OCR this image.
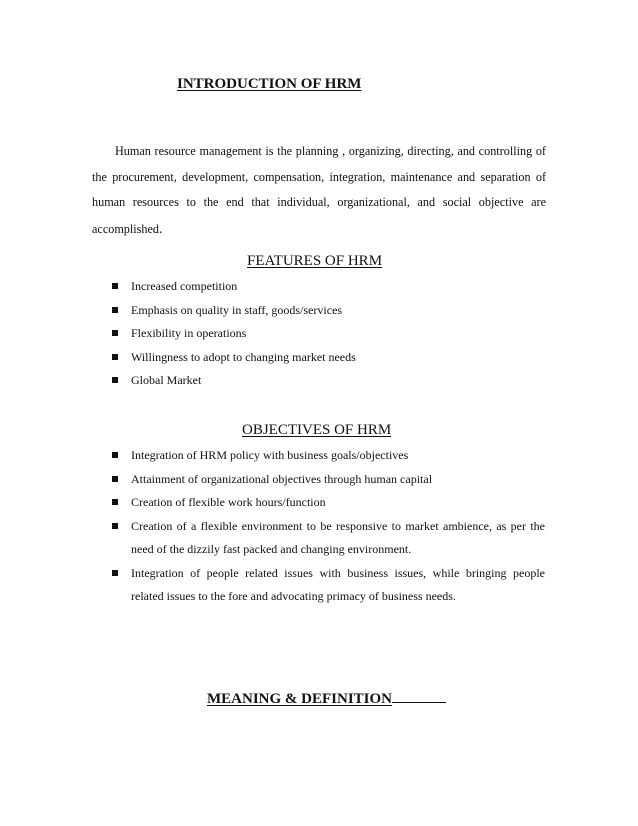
INTRODUCTION OF HRM

Human resource management is the planning , organizing, directing, and controlling of the procurement, development, compensation, integration, maintenance and separation of human resources to the end that individual, organizational, and social objective are accomplished.

FEATURES OF HRM
Increased competition
Emphasis on quality in staff, goods/services
Flexibility in operations
Willingness to adopt to changing market needs
Global Market
OBJECTIVES OF HRM
Integration of HRM policy with business goals/objectives
Attainment of organizational objectives through human capital
Creation of flexible work hours/function
Creation of a flexible environment to be responsive to market ambience, as per the need of the dizzily fast packed and changing environment.
Integration of people related issues with business issues, while bringing people related issues to the fore and advocating primacy of business needs.
MEANING & DEFINITION
